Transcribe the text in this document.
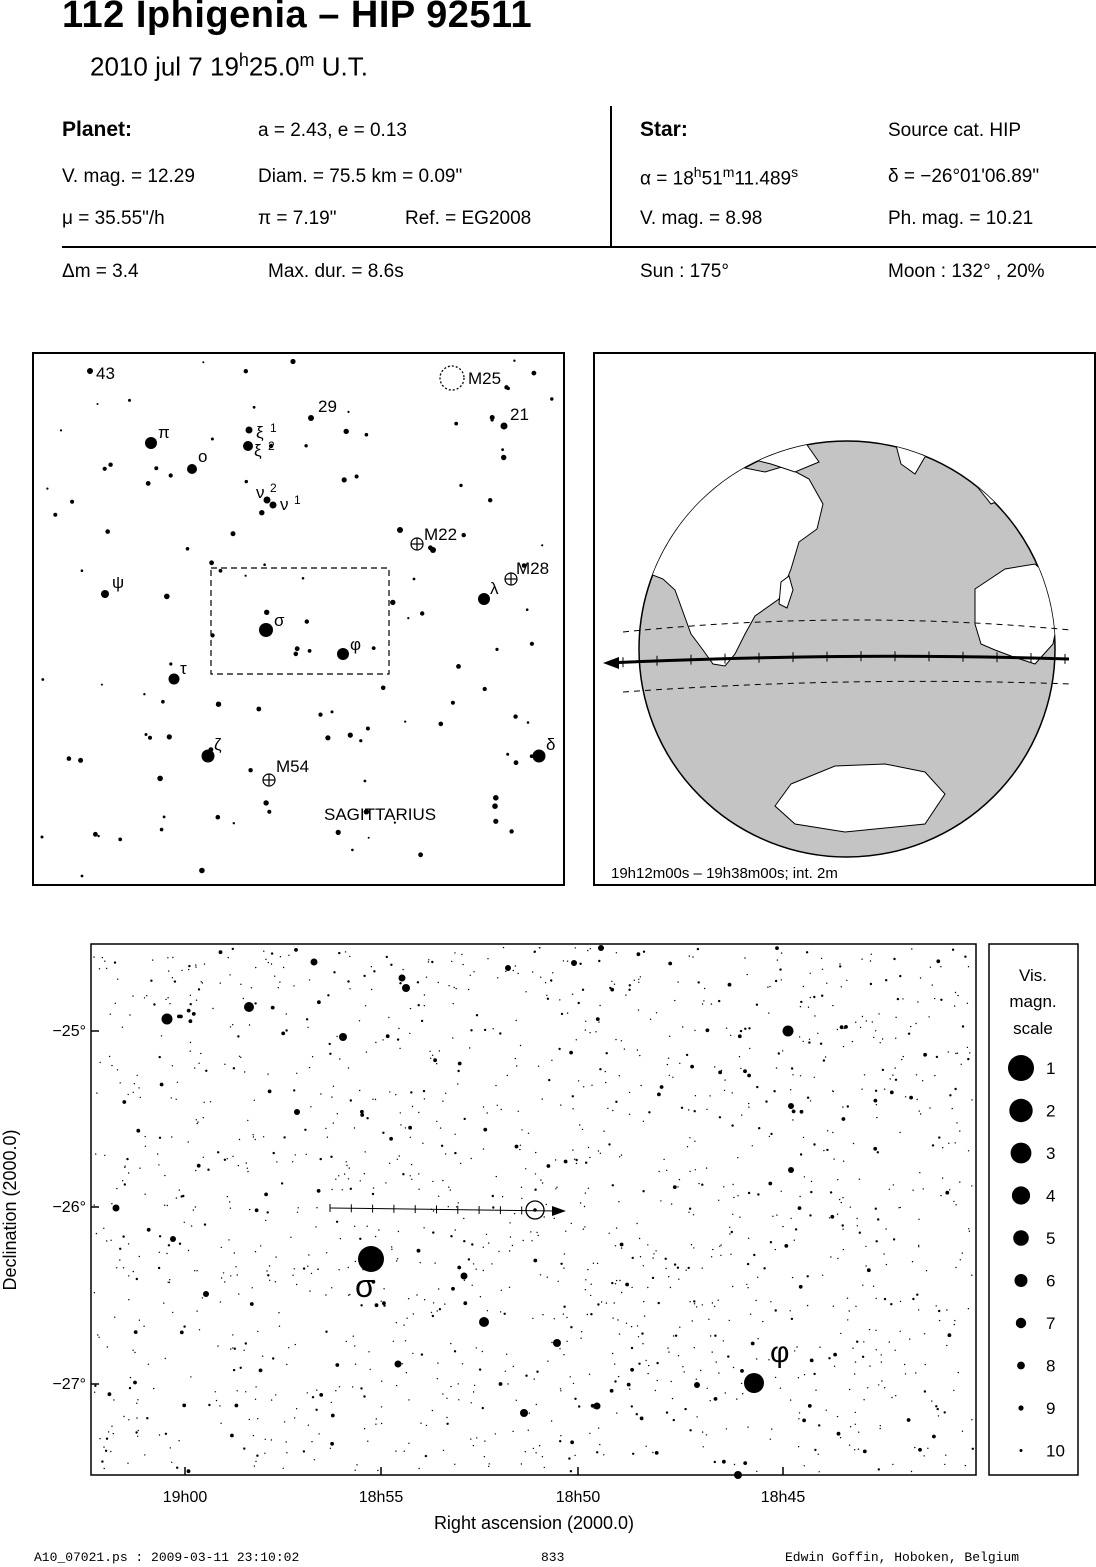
112 Iphigenia – HIP 92511
2010 jul 7 19$^h$25.0$^m$ U.T.
Planet:	a = 2.43, e = 0.13
V. mag. = 12.29	Diam. = 75.5 km = 0.09"
μ = 35.55"/h	π = 7.19"	Ref. = EG2008
Star:	Source cat. HIP
$\alpha = 18^h51^m11.489^s$	δ = −26°01'06.89"
V. mag. = 8.98	Ph. mag. = 10.21
Δm = 3.4	Max. dur. = 8.6s	Sun : 175°	Moon : 132° , 20%
43	M25
29	21
π
ο
ξ 1
ξ 2
ν 2
ν 1
M22
M28
ψ	λ
σ
φ
τ
ζ
M54
δ
SAGITTARIUS
19h12m00s – 19h38m00s; int. 2m
σ
φ
−25°
−26°
−27°
19h00	18h55	18h50	18h45
Right ascension (2000.0)
Declination (2000.0)
Vis.
magn.
scale
1
2
3
4
5
6
7
8
9
10
A10_07021.ps : 2009-03-11 23:10:02	833	Edwin Goffin, Hoboken, Belgium
